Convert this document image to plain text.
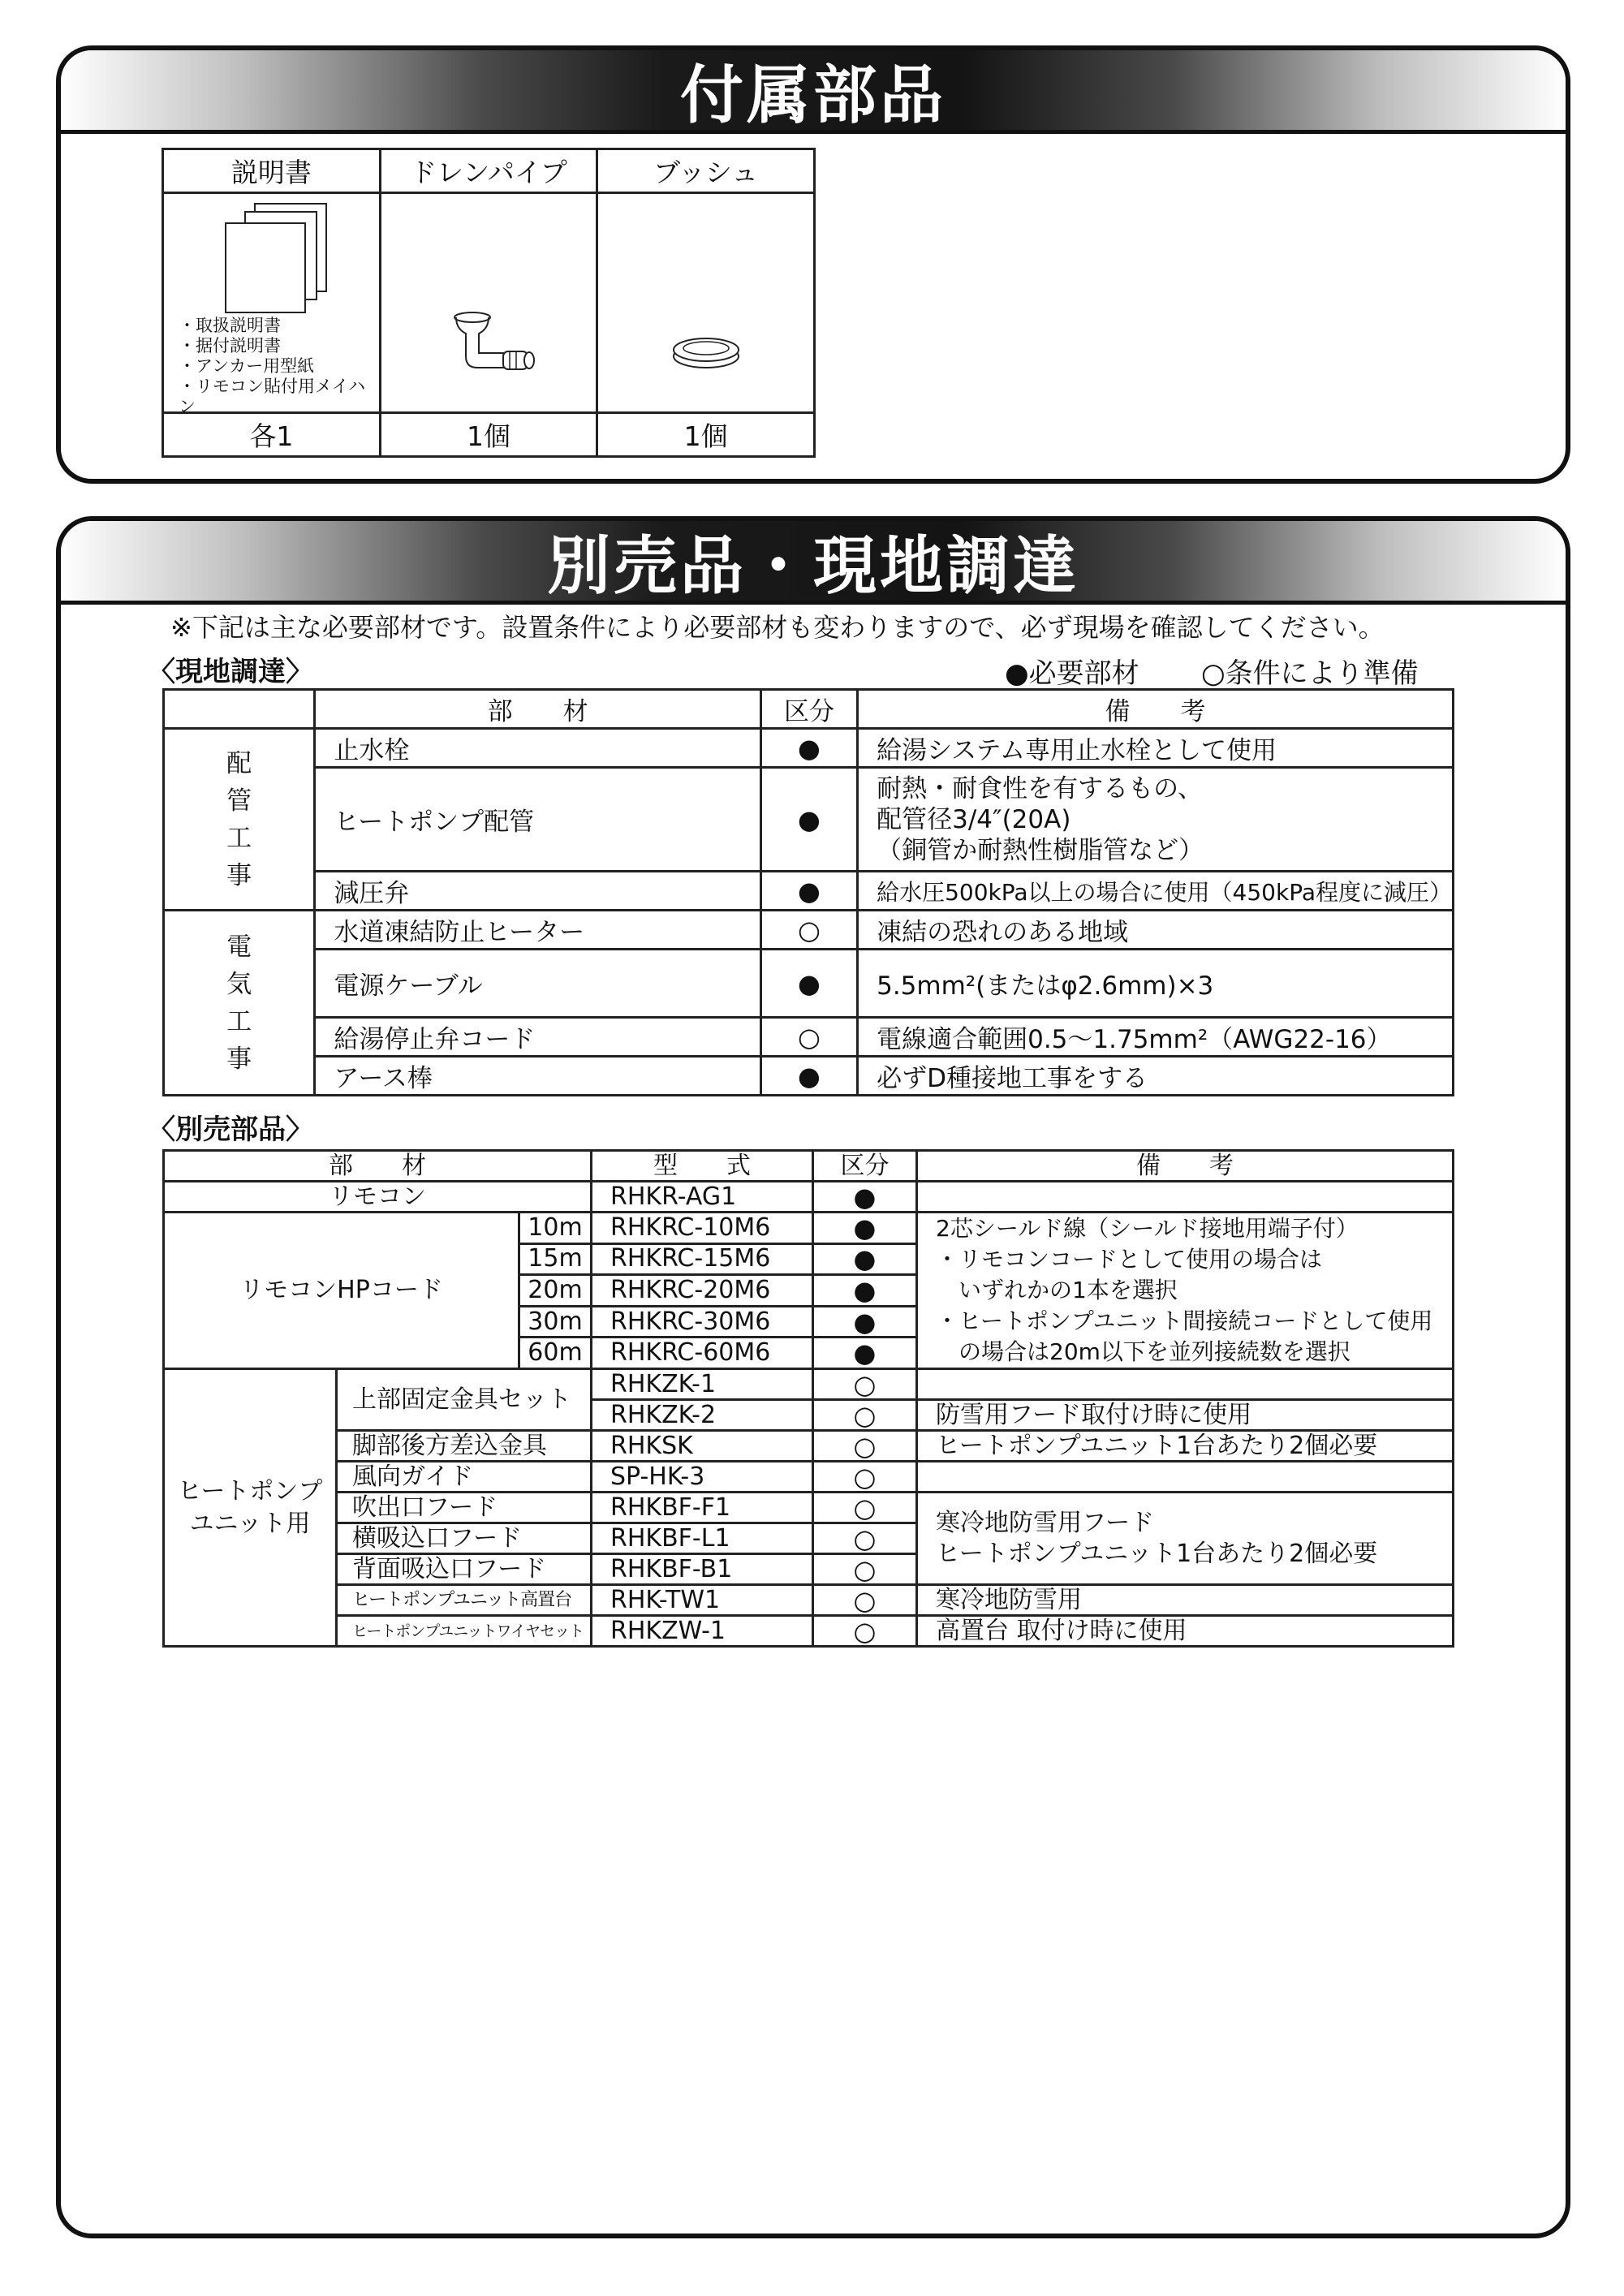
付属部品
説明書	ドレンパイプ	ブッシュ

・取扱説明書
・据付説明書
・アンカー用型紙
・リモコン貼付用メイハン

各1	1個	1個
別売品・現地調達
※下記は主な必要部材です。設置条件により必要部材も変わりますので、必ず現場を確認してください。
〈現地調達〉	●必要部材 ○条件により準備
	部　　材	区分	備　　考

配
管
工
事	止水栓	●	給湯システム専用止水栓として使用
	ヒートポンプ配管	●	耐熱・耐食性を有するもの、
配管径3/4″(20A)
（銅管か耐熱性樹脂管など）

	減圧弁	●	給水圧500kPa以上の場合に使用（450kPa程度に減圧）

電
気
工
事	水道凍結防止ヒーター	○	凍結の恐れのある地域
	電源ケーブル	●	5.5mm²(またはφ2.6mm)×3
	給湯停止弁コード	○	電線適合範囲0.5～1.75mm²（AWG22-16）
	アース棒	●	必ずD種接地工事をする
〈別売部品〉
部　　材			型　　式	区分	備　　考
リモコン			RHKR-AG1	●	
リモコンHPコード		10m	RHKRC-10M6	●	2芯シールド線（シールド接地用端子付）
・リモコンコードとして使用の場合は
　いずれかの1本を選択
・ヒートポンプユニット間接続コードとして使用
　の場合は20m以下を並列接続数を選択

		15m	RHKRC-15M6	●	
		20m	RHKRC-20M6	●	
		30m	RHKRC-30M6	●	
		60m	RHKRC-60M6	●	

ヒートポンプ
ユニット用	上部固定金具セット		RHKZK-1	○	
			RHKZK-2	○	防雪用フード取付け時に使用
	脚部後方差込金具		RHKSK	○	ヒートポンプユニット1台あたり2個必要
	風向ガイド		SP-HK-3	○	
	吹出口フード		RHKBF-F1	○	寒冷地防雪用フード
ヒートポンプユニット1台あたり2個必要

	横吸込口フード		RHKBF-L1	○	
	背面吸込口フード		RHKBF-B1	○	
	ヒートポンプユニット高置台		RHK-TW1	○	寒冷地防雪用
	ヒートポンプユニットワイヤセット		RHKZW-1	○	高置台 取付け時に使用
